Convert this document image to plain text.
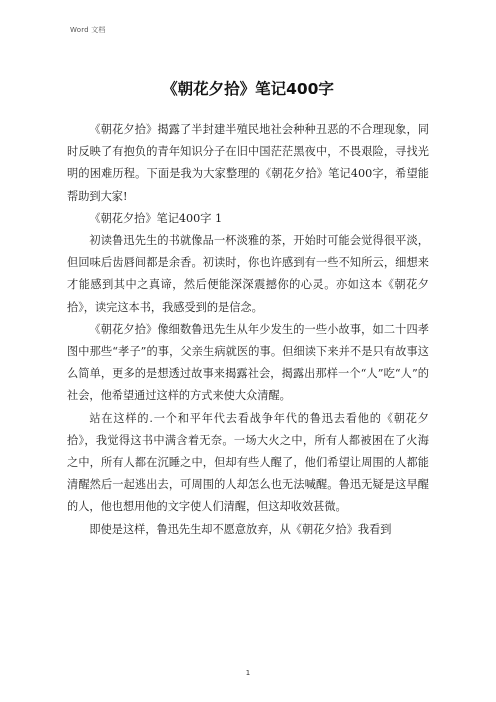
Word 文档
《朝花夕拾》笔记400字

《朝花夕拾》揭露了半封建半殖民地社会种种丑恶的不合理现象，同时反映了有抱负的青年知识分子在旧中国茫茫黑夜中，不畏艰险，寻找光明的困难历程。下面是我为大家整理的《朝花夕拾》笔记400字，希望能帮助到大家!

《朝花夕拾》笔记400字 1

初读鲁迅先生的书就像品一杯淡雅的茶，开始时可能会觉得很平淡，但回味后齿唇间都是余香。初读时，你也许感到有一些不知所云，细想来才能感到其中之真谛，然后便能深深震撼你的心灵。亦如这本《朝花夕拾》，读完这本书，我感受到的是信念。

《朝花夕拾》像细数鲁迅先生从年少发生的一些小故事，如二十四孝图中那些“孝子”的事，父亲生病就医的事。但细读下来并不是只有故事这么简单，更多的是想透过故事来揭露社会，揭露出那样一个“人”吃“人”的社会，他希望通过这样的方式来使大众清醒。

站在这样的.一个和平年代去看战争年代的鲁迅去看他的《朝花夕拾》，我觉得这书中满含着无奈。一场大火之中，所有人都被困在了火海之中，所有人都在沉睡之中，但却有些人醒了，他们希望让周围的人都能清醒然后一起逃出去，可周围的人却怎么也无法喊醒。鲁迅无疑是这早醒的人，他也想用他的文字使人们清醒，但这却收效甚微。

即使是这样，鲁迅先生却不愿意放弃，从《朝花夕拾》我看到

1
